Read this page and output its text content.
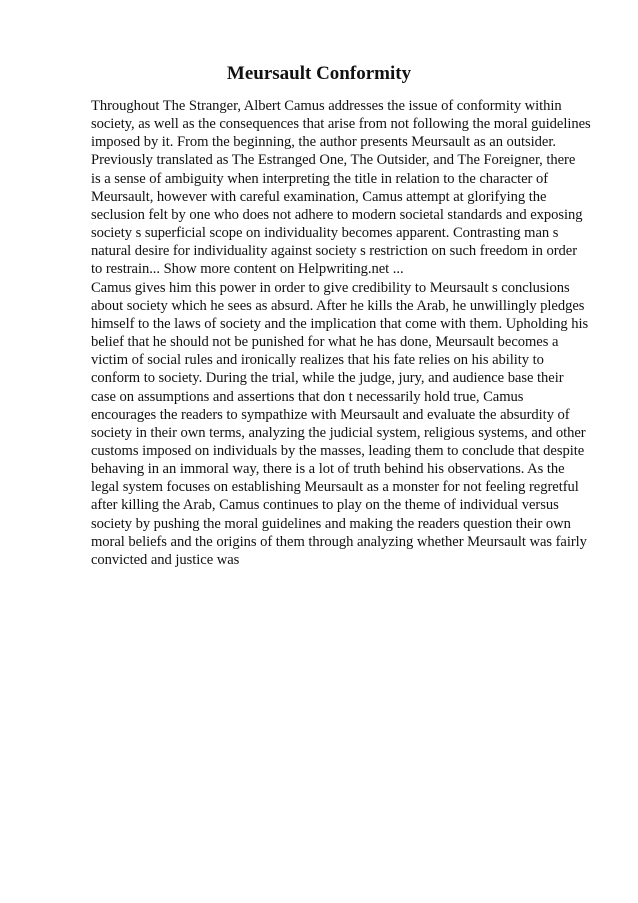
Meursault Conformity
Throughout The Stranger, Albert Camus addresses the issue of conformity within
society, as well as the consequences that arise from not following the moral guidelines
imposed by it. From the beginning, the author presents Meursault as an outsider.
Previously translated as The Estranged One, The Outsider, and The Foreigner, there
is a sense of ambiguity when interpreting the title in relation to the character of
Meursault, however with careful examination, Camus attempt at glorifying the
seclusion felt by one who does not adhere to modern societal standards and exposing
society s superficial scope on individuality becomes apparent. Contrasting man s
natural desire for individuality against society s restriction on such freedom in order
to restrain... Show more content on Helpwriting.net ...
Camus gives him this power in order to give credibility to Meursault s conclusions
about society which he sees as absurd. After he kills the Arab, he unwillingly pledges
himself to the laws of society and the implication that come with them. Upholding his
belief that he should not be punished for what he has done, Meursault becomes a
victim of social rules and ironically realizes that his fate relies on his ability to
conform to society. During the trial, while the judge, jury, and audience base their
case on assumptions and assertions that don t necessarily hold true, Camus
encourages the readers to sympathize with Meursault and evaluate the absurdity of
society in their own terms, analyzing the judicial system, religious systems, and other
customs imposed on individuals by the masses, leading them to conclude that despite
behaving in an immoral way, there is a lot of truth behind his observations. As the
legal system focuses on establishing Meursault as a monster for not feeling regretful
after killing the Arab, Camus continues to play on the theme of individual versus
society by pushing the moral guidelines and making the readers question their own
moral beliefs and the origins of them through analyzing whether Meursault was fairly
convicted and justice was
